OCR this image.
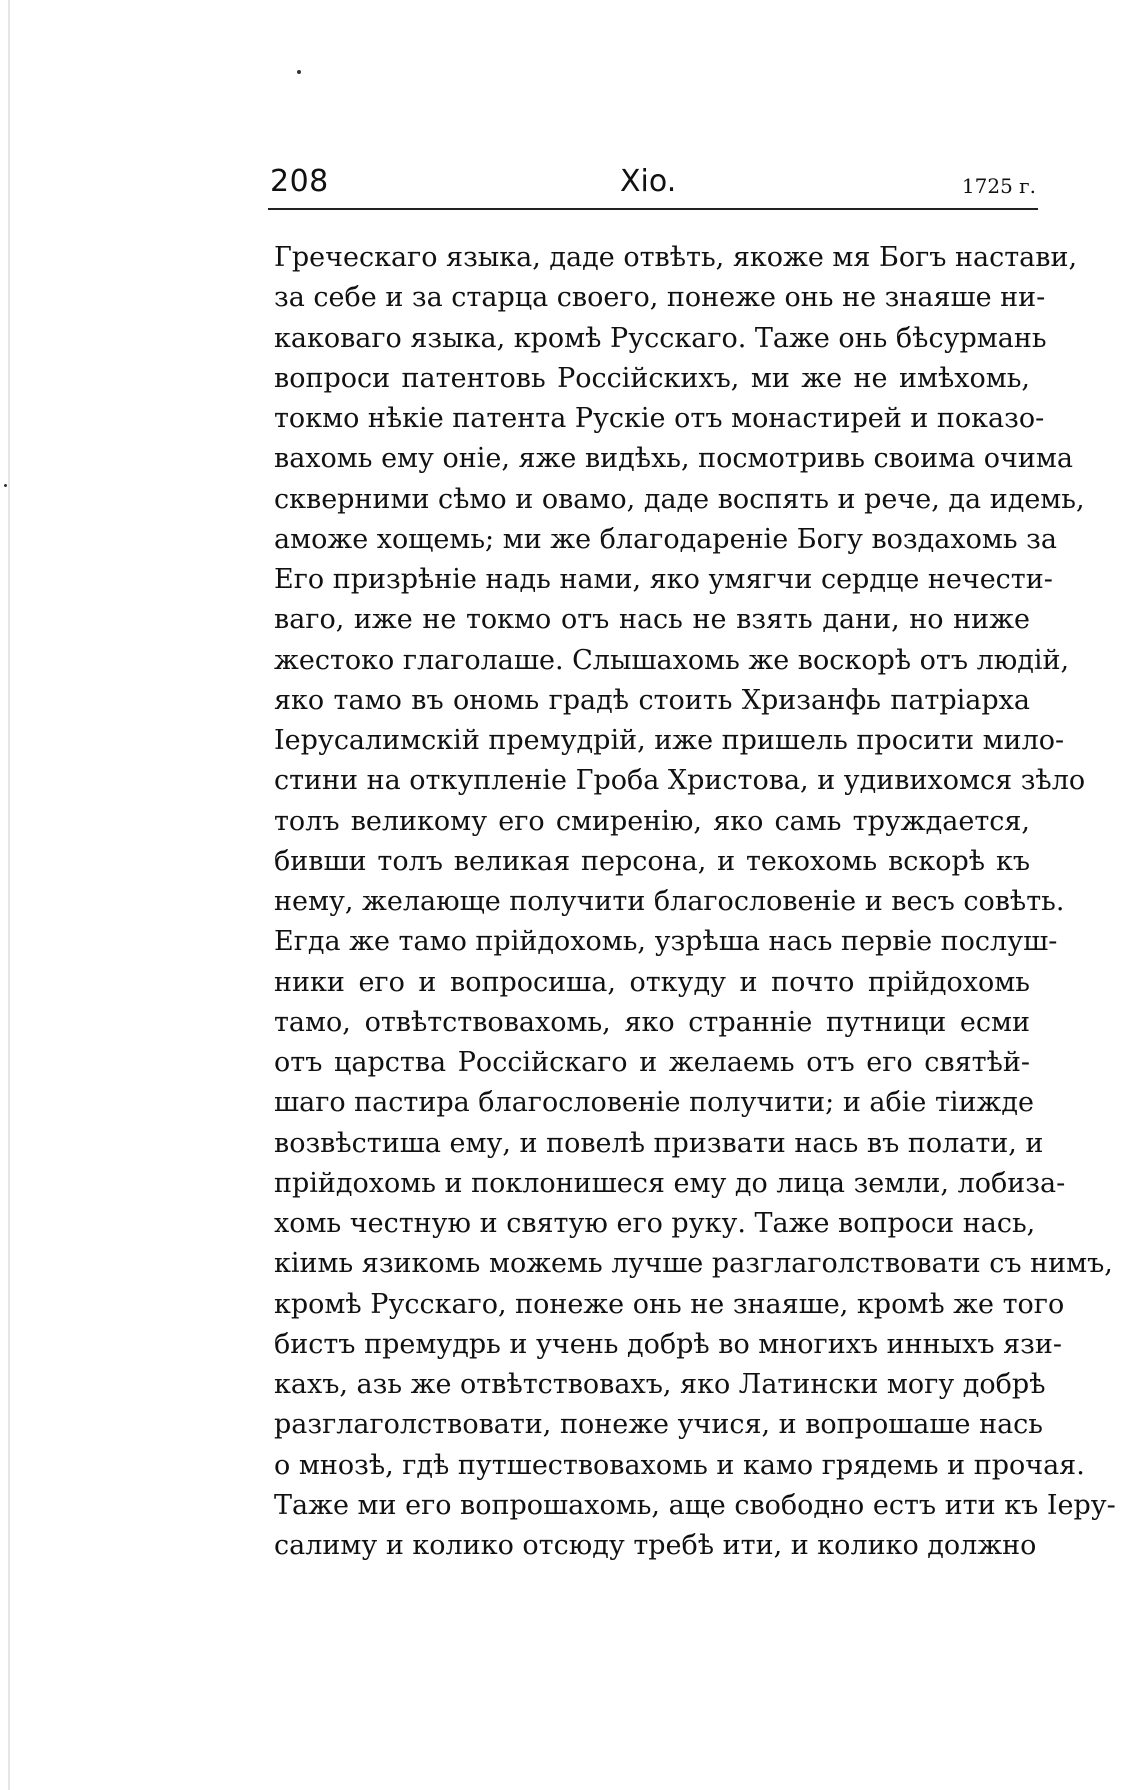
208	Xio.	1725 г.
Греческаго языка, даде отвѣть, якоже мя Богъ настави,
за себе и за старца своего, понеже онь не знаяше ни-
каковаго языка, кромѣ Русскаго. Таже онь бѣсурмань
вопроси патентовь Россійскихъ, ми же не имѣхомь,
токмо нѣкіе патента Рускіе отъ монастирей и показо-
вахомь ему оніе, яже видѣхь, посмотривь своима очима
скверними сѣмо и овамо, даде воспять и рече, да идемь,
аможе хощемь; ми же благодареніе Богу воздахомь за
Его призрѣніе надь нами, яко умягчи сердце нечести-
ваго, иже не токмо отъ нась не взять дани, но ниже
жестоко глаголаше. Слышахомь же воскорѣ отъ людій,
яко тамо въ ономь градѣ стоить Хризанфь патріарха
Іерусалимскій премудрій, иже пришель просити мило-
стини на откупленіе Гроба Христова, и удивихомся зѣло
толъ великому его смиренію, яко самь труждается,
бивши толъ великая персона, и текохомь вскорѣ къ
нему, желающе получити благословеніе и весъ совѣть.
Егда же тамо прійдохомь, узрѣша нась первіе послуш-
ники его и вопросиша, откуду и почто прійдохомь
тамо, отвѣтствовахомь, яко странніе путници есми
отъ царства Россійскаго и желаемь отъ его святѣй-
шаго пастира благословеніе получити; и абіе тіижде
возвѣстиша ему, и повелѣ призвати нась въ полати, и
прійдохомь и поклонишеся ему до лица земли, лобиза-
хомь честную и святую его руку. Таже вопроси нась,
кіимь язикомь можемь лучше разглаголствовати съ нимъ,
кромѣ Русскаго, понеже онь не знаяше, кромѣ же того
бистъ премудрь и учень добрѣ во многихъ инныхъ язи-
кахъ, азь же отвѣтствовахъ, яко Латински могу добрѣ
разглаголствовати, понеже учися, и вопрошаше нась
о мнозѣ, гдѣ путшествовахомь и камо грядемь и прочая.
Таже ми его вопрошахомь, аще свободно естъ ити къ Іеру-
салиму и колико отсюду требѣ ити, и колико должно
